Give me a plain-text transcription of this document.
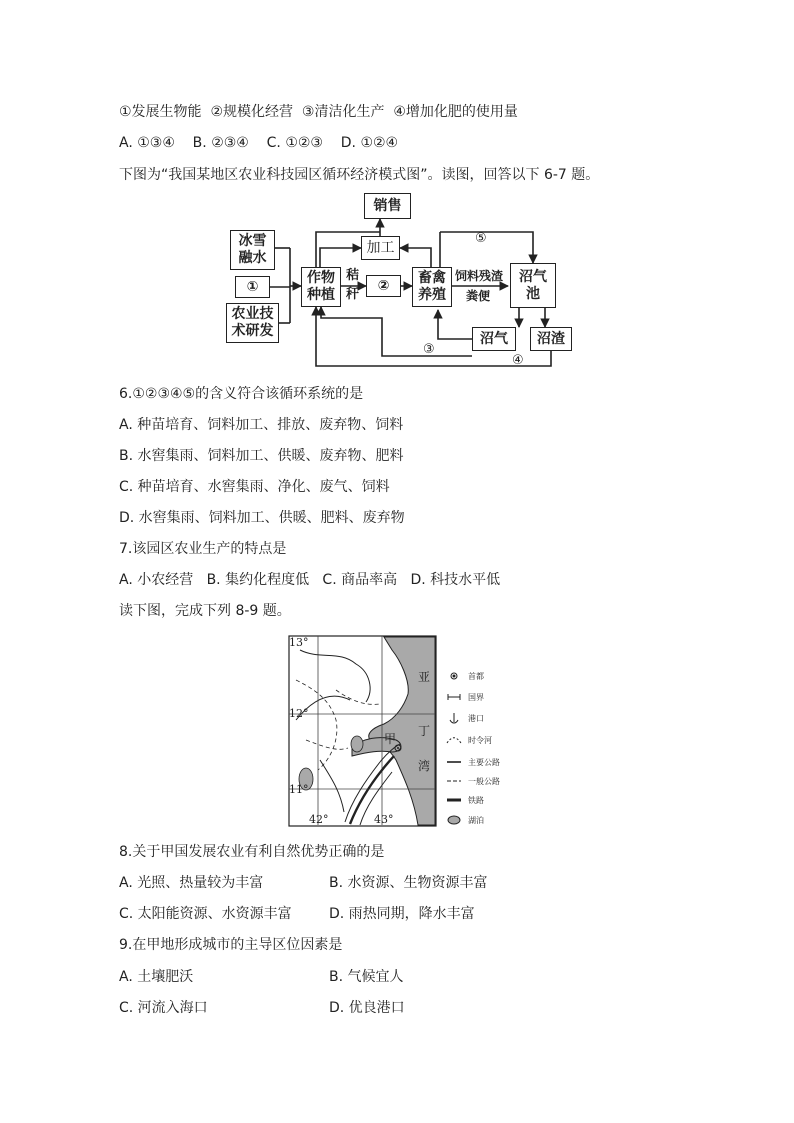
①发展生物能  ②规模化经营  ③清洁化生产  ④增加化肥的使用量
A. ①③④    B. ②③④    C. ①②③    D. ①②④
下图为“我国某地区农业科技园区循环经济模式图”。读图，回答以下 6-7 题。
销售
冰雪
融水
①
农业技
术研发
作物
种植
秸
秆
②
加工
畜禽
养殖
饲料残渣
粪便
沼气
池
沼气	沼渣
⑤
③
④
6.①②③④⑤的含义符合该循环系统的是
A. 种苗培育、饲料加工、排放、废弃物、饲料
B. 水窖集雨、饲料加工、供暖、废弃物、肥料
C. 种苗培育、水窖集雨、净化、废气、饲料
D. 水窖集雨、饲料加工、供暖、肥料、废弃物
7.该园区农业生产的特点是
A. 小农经营   B. 集约化程度低   C. 商品率高   D. 科技水平低
读下图，完成下列 8-9 题。
13°
12°
11°
42°	43°
亚
丁
湾
甲
首都
国界
港口
时令河
主要公路
一般公路
铁路
湖泊
8.关于甲国发展农业有利自然优势正确的是
A. 光照、热量较为丰富	B. 水资源、生物资源丰富
C. 太阳能资源、水资源丰富	D. 雨热同期，降水丰富
9.在甲地形成城市的主导区位因素是
A. 土壤肥沃	B. 气候宜人
C. 河流入海口	D. 优良港口
